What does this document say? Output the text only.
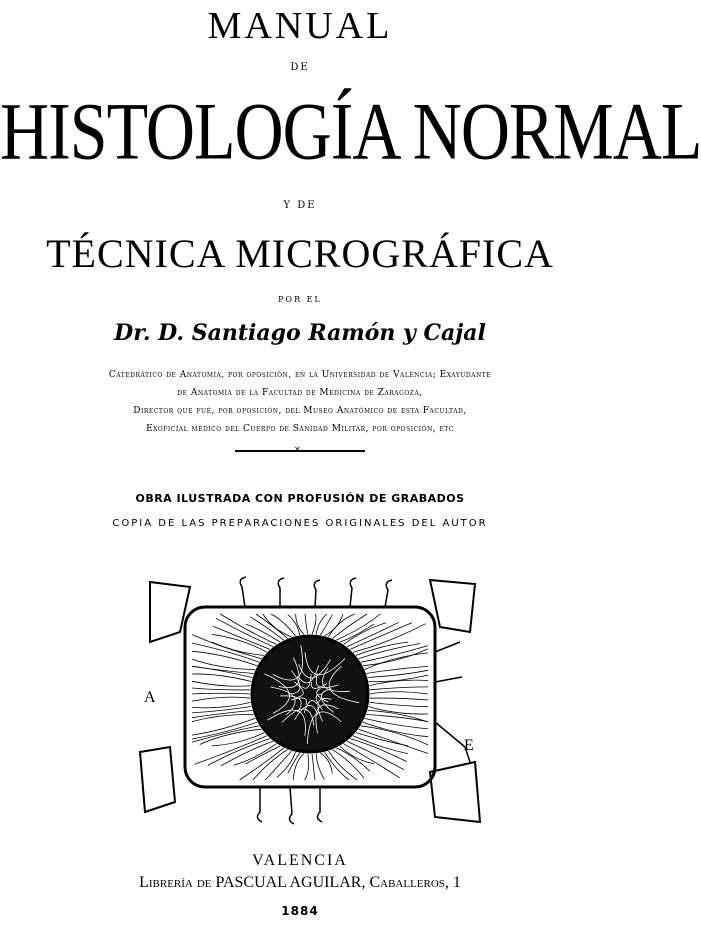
MANUAL
DE
HISTOLOGÍA NORMAL
Y DE
TÉCNICA MICROGRÁFICA
POR EL
Dr. D. Santiago Ramón y Cajal
Catedrático de Anatomía, por oposición, en la Universidad de Valencia; Exayudante
de Anatomía de la Facultad de Medicina de Zaragoza,
Director que fué, por oposición, del Museo Anatómico de esta Facultad,
Exoficial médico del Cuerpo de Sanidad Militar, por oposición, etc
✕
OBRA ILUSTRADA CON PROFUSIÓN DE GRABADOS
COPIA DE LAS PREPARACIONES ORIGINALES DEL AUTOR
A
E
VALENCIA
Librería de PASCUAL AGUILAR, Caballeros, 1
1884
